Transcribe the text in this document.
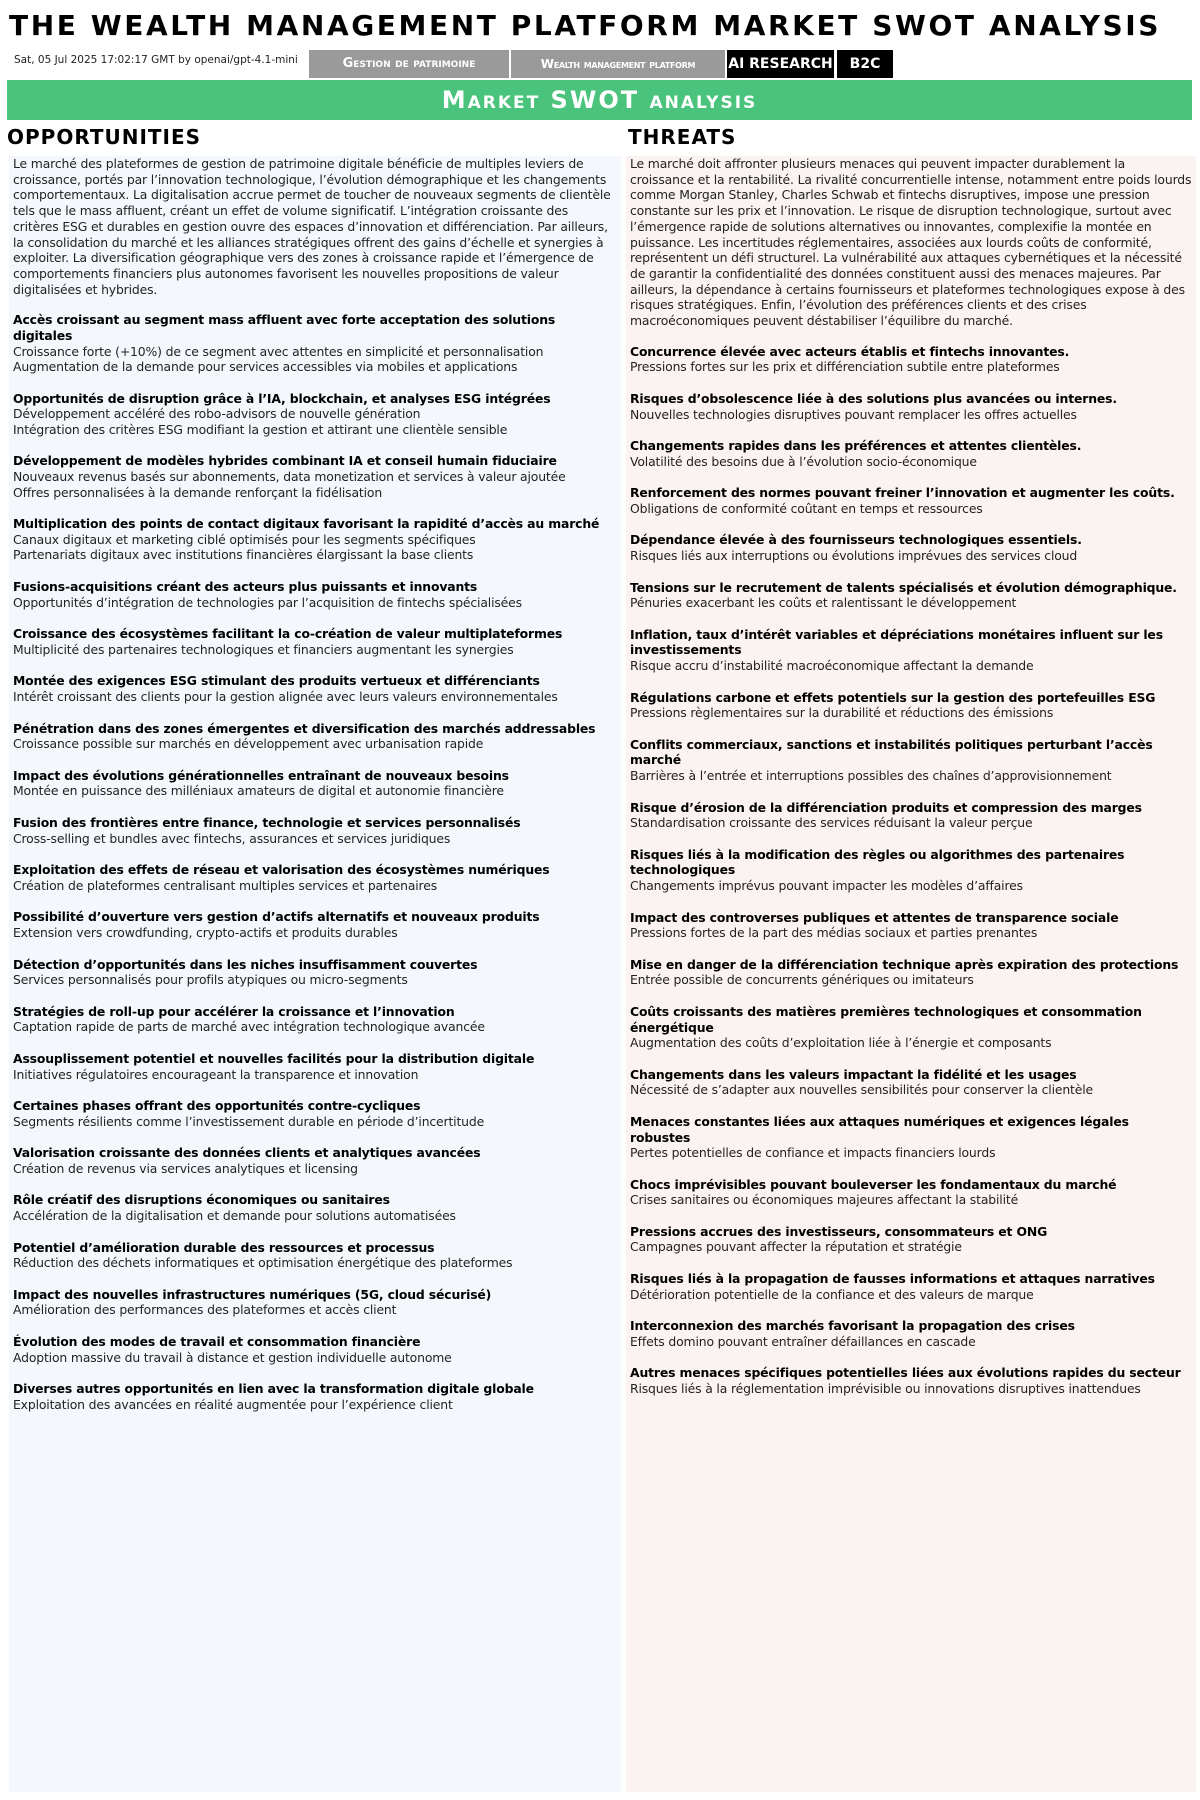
THE WEALTH MANAGEMENT PLATFORM MARKET SWOT ANALYSIS
Sat, 05 Jul 2025 17:02:17 GMT by openai/gpt-4.1-mini	Gestion de patrimoine	Wealth management platform	AI RESEARCH	B2C
Market SWOT analysis
OPPORTUNITIES	THREATS

Le marché des plateformes de gestion de patrimoine digitale bénéficie de multiples leviers de croissance, portés par l’innovation technologique, l’évolution démographique et les changements comportementaux. La digitalisation accrue permet de toucher de nouveaux segments de clientèle tels que le mass affluent, créant un effet de volume significatif. L’intégration croissante des critères ESG et durables en gestion ouvre des espaces d’innovation et différenciation. Par ailleurs, la consolidation du marché et les alliances stratégiques offrent des gains d’échelle et synergies à exploiter. La diversification géographique vers des zones à croissance rapide et l’émergence de comportements financiers plus autonomes favorisent les nouvelles propositions de valeur digitalisées et hybrides.

Accès croissant au segment mass affluent avec forte acceptation des solutions digitales
Croissance forte (+10%) de ce segment avec attentes en simplicité et personnalisation
Augmentation de la demande pour services accessibles via mobiles et applications
Opportunités de disruption grâce à l’IA, blockchain, et analyses ESG intégrées
Développement accéléré des robo-advisors de nouvelle génération
Intégration des critères ESG modifiant la gestion et attirant une clientèle sensible
Développement de modèles hybrides combinant IA et conseil humain fiduciaire
Nouveaux revenus basés sur abonnements, data monetization et services à valeur ajoutée
Offres personnalisées à la demande renforçant la fidélisation
Multiplication des points de contact digitaux favorisant la rapidité d’accès au marché
Canaux digitaux et marketing ciblé optimisés pour les segments spécifiques
Partenariats digitaux avec institutions financières élargissant la base clients
Fusions-acquisitions créant des acteurs plus puissants et innovants
Opportunités d’intégration de technologies par l’acquisition de fintechs spécialisées
Croissance des écosystèmes facilitant la co-création de valeur multiplateformes
Multiplicité des partenaires technologiques et financiers augmentant les synergies
Montée des exigences ESG stimulant des produits vertueux et différenciants
Intérêt croissant des clients pour la gestion alignée avec leurs valeurs environnementales
Pénétration dans des zones émergentes et diversification des marchés addressables
Croissance possible sur marchés en développement avec urbanisation rapide
Impact des évolutions générationnelles entraînant de nouveaux besoins
Montée en puissance des milléniaux amateurs de digital et autonomie financière
Fusion des frontières entre finance, technologie et services personnalisés
Cross-selling et bundles avec fintechs, assurances et services juridiques
Exploitation des effets de réseau et valorisation des écosystèmes numériques
Création de plateformes centralisant multiples services et partenaires
Possibilité d’ouverture vers gestion d’actifs alternatifs et nouveaux produits
Extension vers crowdfunding, crypto-actifs et produits durables
Détection d’opportunités dans les niches insuffisamment couvertes
Services personnalisés pour profils atypiques ou micro-segments
Stratégies de roll-up pour accélérer la croissance et l’innovation
Captation rapide de parts de marché avec intégration technologique avancée
Assouplissement potentiel et nouvelles facilités pour la distribution digitale
Initiatives régulatoires encourageant la transparence et innovation
Certaines phases offrant des opportunités contre-cycliques
Segments résilients comme l’investissement durable en période d’incertitude
Valorisation croissante des données clients et analytiques avancées
Création de revenus via services analytiques et licensing
Rôle créatif des disruptions économiques ou sanitaires
Accélération de la digitalisation et demande pour solutions automatisées
Potentiel d’amélioration durable des ressources et processus
Réduction des déchets informatiques et optimisation énergétique des plateformes
Impact des nouvelles infrastructures numériques (5G, cloud sécurisé)
Amélioration des performances des plateformes et accès client
Évolution des modes de travail et consommation financière
Adoption massive du travail à distance et gestion individuelle autonome
Diverses autres opportunités en lien avec la transformation digitale globale
Exploitation des avancées en réalité augmentée pour l’expérience client

Le marché doit affronter plusieurs menaces qui peuvent impacter durablement la croissance et la rentabilité. La rivalité concurrentielle intense, notamment entre poids lourds comme Morgan Stanley, Charles Schwab et fintechs disruptives, impose une pression constante sur les prix et l’innovation. Le risque de disruption technologique, surtout avec l’émergence rapide de solutions alternatives ou innovantes, complexifie la montée en puissance. Les incertitudes réglementaires, associées aux lourds coûts de conformité, représentent un défi structurel. La vulnérabilité aux attaques cybernétiques et la nécessité de garantir la confidentialité des données constituent aussi des menaces majeures. Par ailleurs, la dépendance à certains fournisseurs et plateformes technologiques expose à des risques stratégiques. Enfin, l’évolution des préférences clients et des crises macroéconomiques peuvent déstabiliser l’équilibre du marché.

Concurrence élevée avec acteurs établis et fintechs innovantes.
Pressions fortes sur les prix et différenciation subtile entre plateformes
Risques d’obsolescence liée à des solutions plus avancées ou internes.
Nouvelles technologies disruptives pouvant remplacer les offres actuelles
Changements rapides dans les préférences et attentes clientèles.
Volatilité des besoins due à l’évolution socio-économique
Renforcement des normes pouvant freiner l’innovation et augmenter les coûts.
Obligations de conformité coûtant en temps et ressources
Dépendance élevée à des fournisseurs technologiques essentiels.
Risques liés aux interruptions ou évolutions imprévues des services cloud
Tensions sur le recrutement de talents spécialisés et évolution démographique.
Pénuries exacerbant les coûts et ralentissant le développement
Inflation, taux d’intérêt variables et dépréciations monétaires influent sur les investissements
Risque accru d’instabilité macroéconomique affectant la demande
Régulations carbone et effets potentiels sur la gestion des portefeuilles ESG
Pressions règlementaires sur la durabilité et réductions des émissions
Conflits commerciaux, sanctions et instabilités politiques perturbant l’accès marché
Barrières à l’entrée et interruptions possibles des chaînes d’approvisionnement
Risque d’érosion de la différenciation produits et compression des marges
Standardisation croissante des services réduisant la valeur perçue
Risques liés à la modification des règles ou algorithmes des partenaires technologiques
Changements imprévus pouvant impacter les modèles d’affaires
Impact des controverses publiques et attentes de transparence sociale
Pressions fortes de la part des médias sociaux et parties prenantes
Mise en danger de la différenciation technique après expiration des protections
Entrée possible de concurrents génériques ou imitateurs
Coûts croissants des matières premières technologiques et consommation énergétique
Augmentation des coûts d’exploitation liée à l’énergie et composants
Changements dans les valeurs impactant la fidélité et les usages
Nécessité de s’adapter aux nouvelles sensibilités pour conserver la clientèle
Menaces constantes liées aux attaques numériques et exigences légales robustes
Pertes potentielles de confiance et impacts financiers lourds
Chocs imprévisibles pouvant bouleverser les fondamentaux du marché
Crises sanitaires ou économiques majeures affectant la stabilité
Pressions accrues des investisseurs, consommateurs et ONG
Campagnes pouvant affecter la réputation et stratégie
Risques liés à la propagation de fausses informations et attaques narratives
Détérioration potentielle de la confiance et des valeurs de marque
Interconnexion des marchés favorisant la propagation des crises
Effets domino pouvant entraîner défaillances en cascade
Autres menaces spécifiques potentielles liées aux évolutions rapides du secteur
Risques liés à la réglementation imprévisible ou innovations disruptives inattendues
